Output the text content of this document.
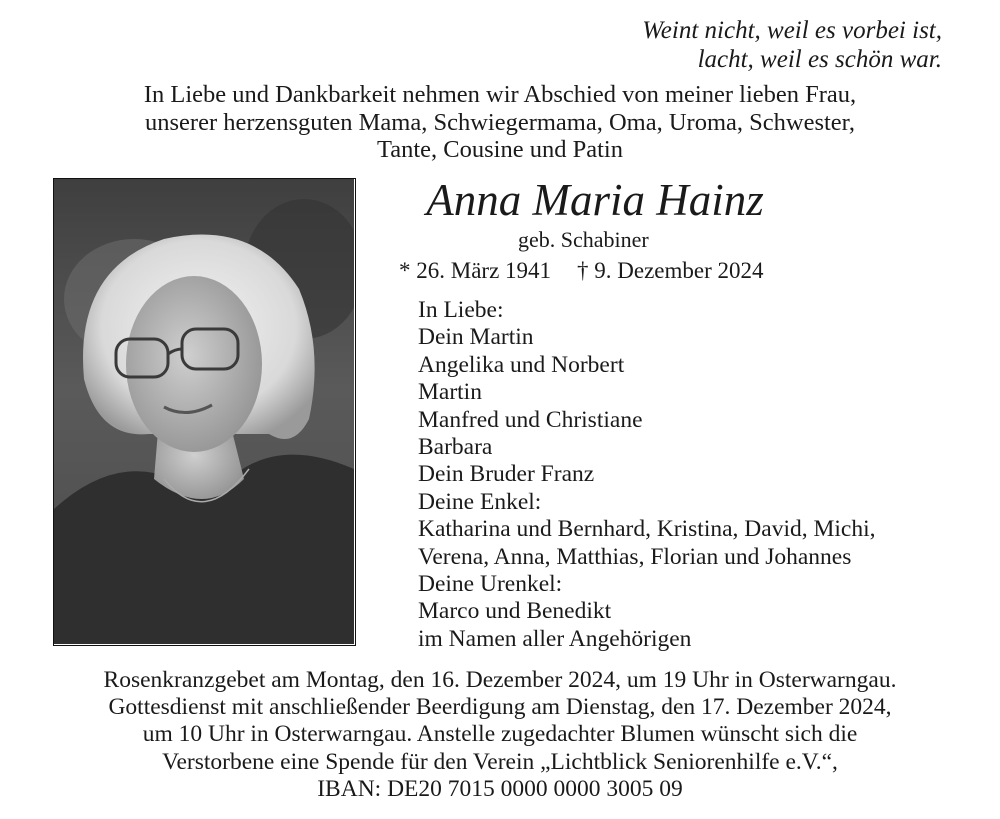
Weint nicht, weil es vorbei ist,
lacht, weil es schön war.
In Liebe und Dankbarkeit nehmen wir Abschied von meiner lieben Frau,
unserer herzensguten Mama, Schwiegermama, Oma, Uroma, Schwester,
Tante, Cousine und Patin
Anna Maria Hainz
geb. Schabiner
* 26. März 1941 † 9. Dezember 2024
In Liebe:
Dein Martin
Angelika und Norbert
Martin
Manfred und Christiane
Barbara
Dein Bruder Franz
Deine Enkel:
Katharina und Bernhard, Kristina, David, Michi,
Verena, Anna, Matthias, Florian und Johannes
Deine Urenkel:
Marco und Benedikt
im Namen aller Angehörigen
Rosenkranzgebet am Montag, den 16. Dezember 2024, um 19 Uhr in Osterwarngau.
Gottesdienst mit anschließender Beerdigung am Dienstag, den 17. Dezember 2024,
um 10 Uhr in Osterwarngau. Anstelle zugedachter Blumen wünscht sich die
Verstorbene eine Spende für den Verein „Lichtblick Seniorenhilfe e.V.“,
IBAN: DE20 7015 0000 0000 3005 09
